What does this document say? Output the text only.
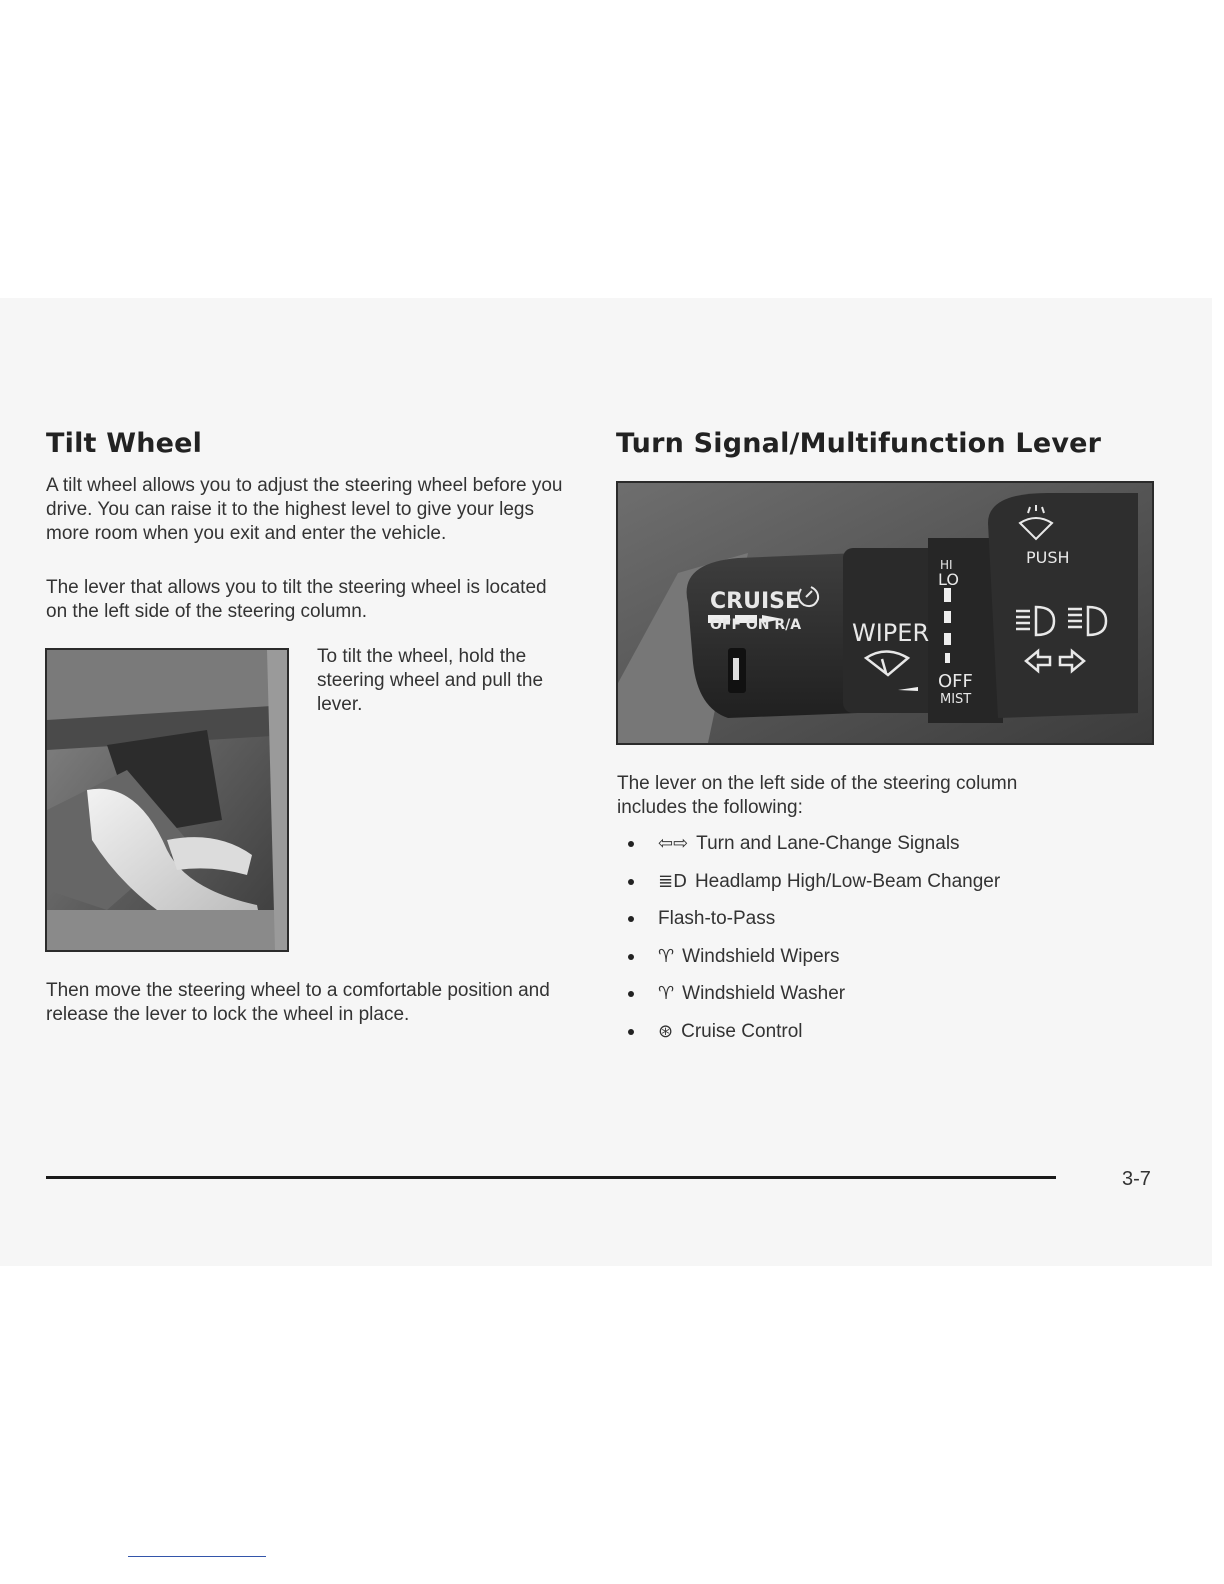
Tilt Wheel

A tilt wheel allows you to adjust the steering wheel before you drive. You can raise it to the highest level to give your legs more room when you exit and enter the vehicle.

The lever that allows you to tilt the steering wheel is located on the left side of the steering column.

To tilt the wheel, hold the steering wheel and pull the lever.

Then move the steering wheel to a comfortable position and release the lever to lock the wheel in place.

Turn Signal/Multifunction Lever
CRUISE
OFF ON R/A WIPER
HI
LO
OFF
MIST
PUSH

The lever on the left side of the steering column includes the following:

⇦⇨ Turn and Lane-Change Signals
≣D Headlamp High/Low-Beam Changer
Flash-to-Pass
♈ Windshield Wipers
♈ Windshield Washer
⊛ Cruise Control
3-7
